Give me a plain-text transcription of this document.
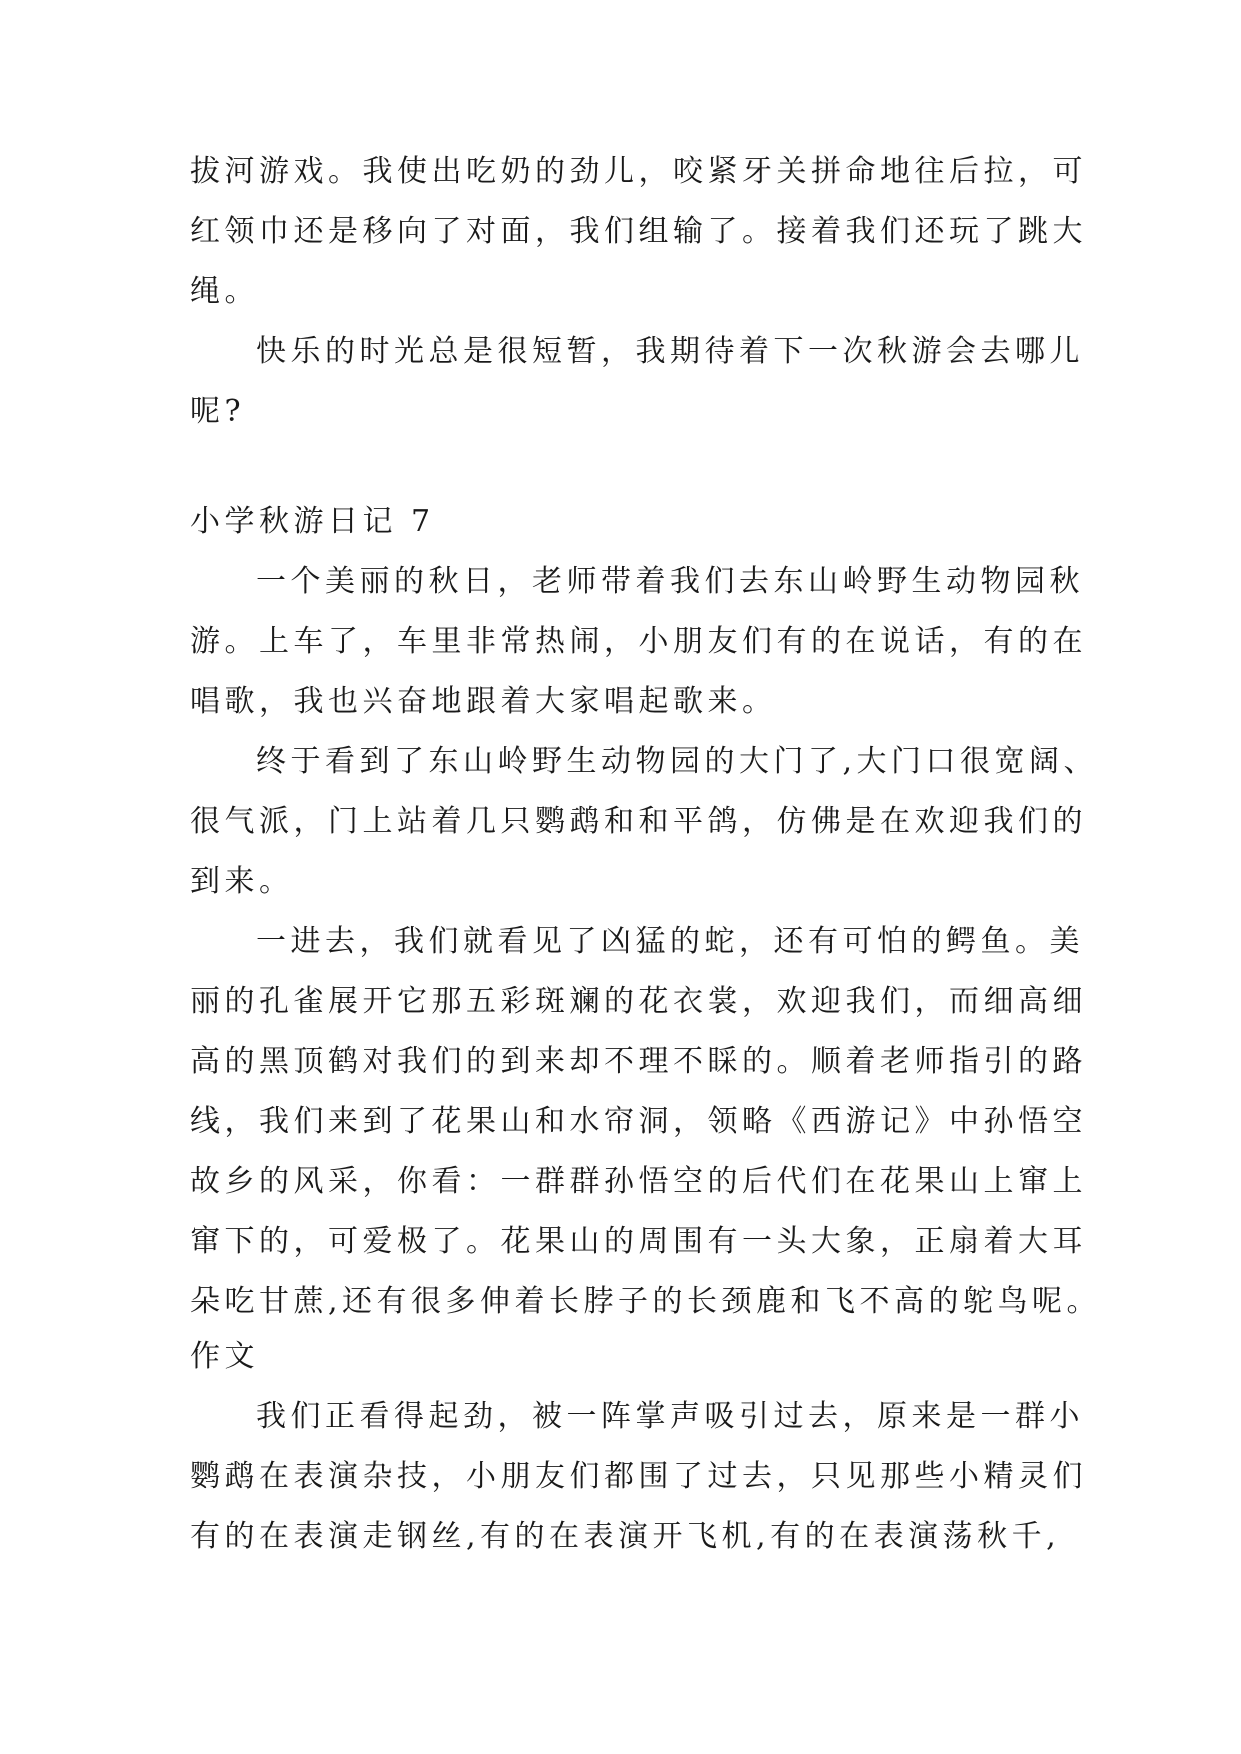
拔河游戏。我使出吃奶的劲儿，咬紧牙关拼命地往后拉，可
红领巾还是移向了对面，我们组输了。接着我们还玩了跳大
绳。
快乐的时光总是很短暂，我期待着下一次秋游会去哪儿
呢?
小学秋游日记 7
一个美丽的秋日，老师带着我们去东山岭野生动物园秋
游。上车了，车里非常热闹，小朋友们有的在说话，有的在
唱歌，我也兴奋地跟着大家唱起歌来。
终于看到了东山岭野生动物园的大门了,大门口很宽阔、
很气派，门上站着几只鹦鹉和和平鸽，仿佛是在欢迎我们的
到来。
一进去，我们就看见了凶猛的蛇，还有可怕的鳄鱼。美
丽的孔雀展开它那五彩斑斓的花衣裳，欢迎我们，而细高细
高的黑顶鹤对我们的到来却不理不睬的。顺着老师指引的路
线，我们来到了花果山和水帘洞，领略《西游记》中孙悟空
故乡的风采，你看：一群群孙悟空的后代们在花果山上窜上
窜下的，可爱极了。花果山的周围有一头大象，正扇着大耳
朵吃甘蔗,还有很多伸着长脖子的长颈鹿和飞不高的鸵鸟呢。
作文
我们正看得起劲，被一阵掌声吸引过去，原来是一群小
鹦鹉在表演杂技，小朋友们都围了过去，只见那些小精灵们
有的在表演走钢丝,有的在表演开飞机,有的在表演荡秋千,
